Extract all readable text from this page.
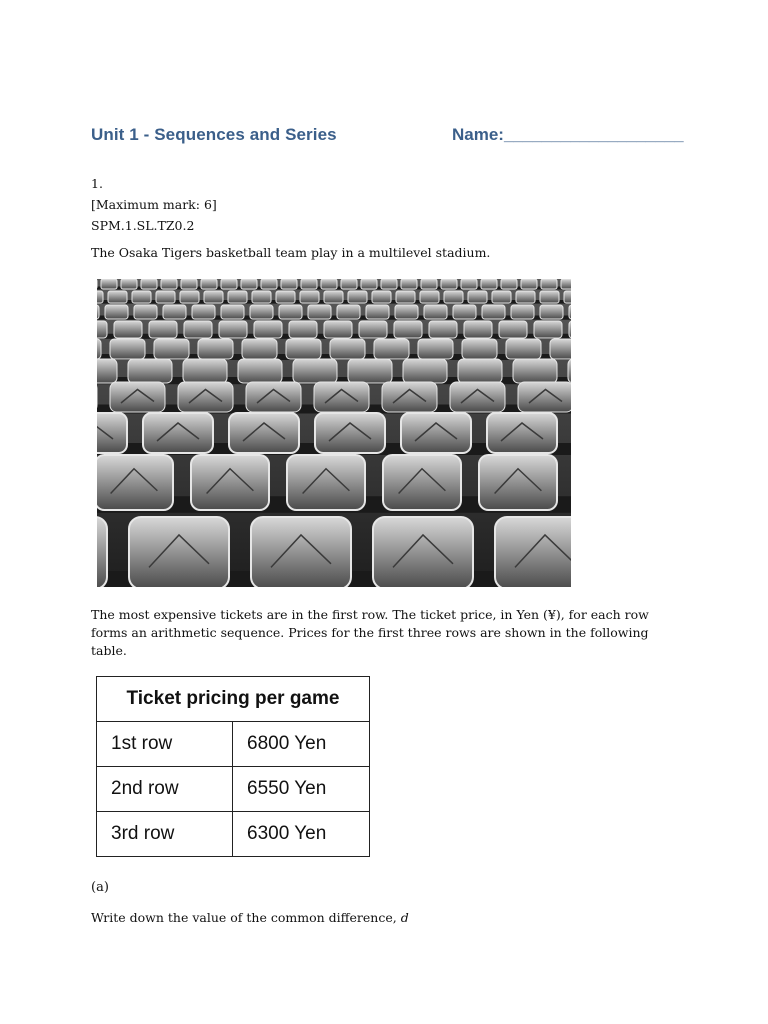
Unit 1 - Sequences and Series	Name:___________________
1.
[Maximum mark: 6]
SPM.1.SL.TZ0.2
The Osaka Tigers basketball team play in a multilevel stadium.
The most expensive tickets are in the first row. The ticket price, in Yen (¥), for each row
forms an arithmetic sequence. Prices for the first three rows are shown in the following
table.
Ticket pricing per game	
1st row	6800 Yen
2nd row	6550 Yen
3rd row	6300 Yen
(a)
Write down the value of the common difference, d
